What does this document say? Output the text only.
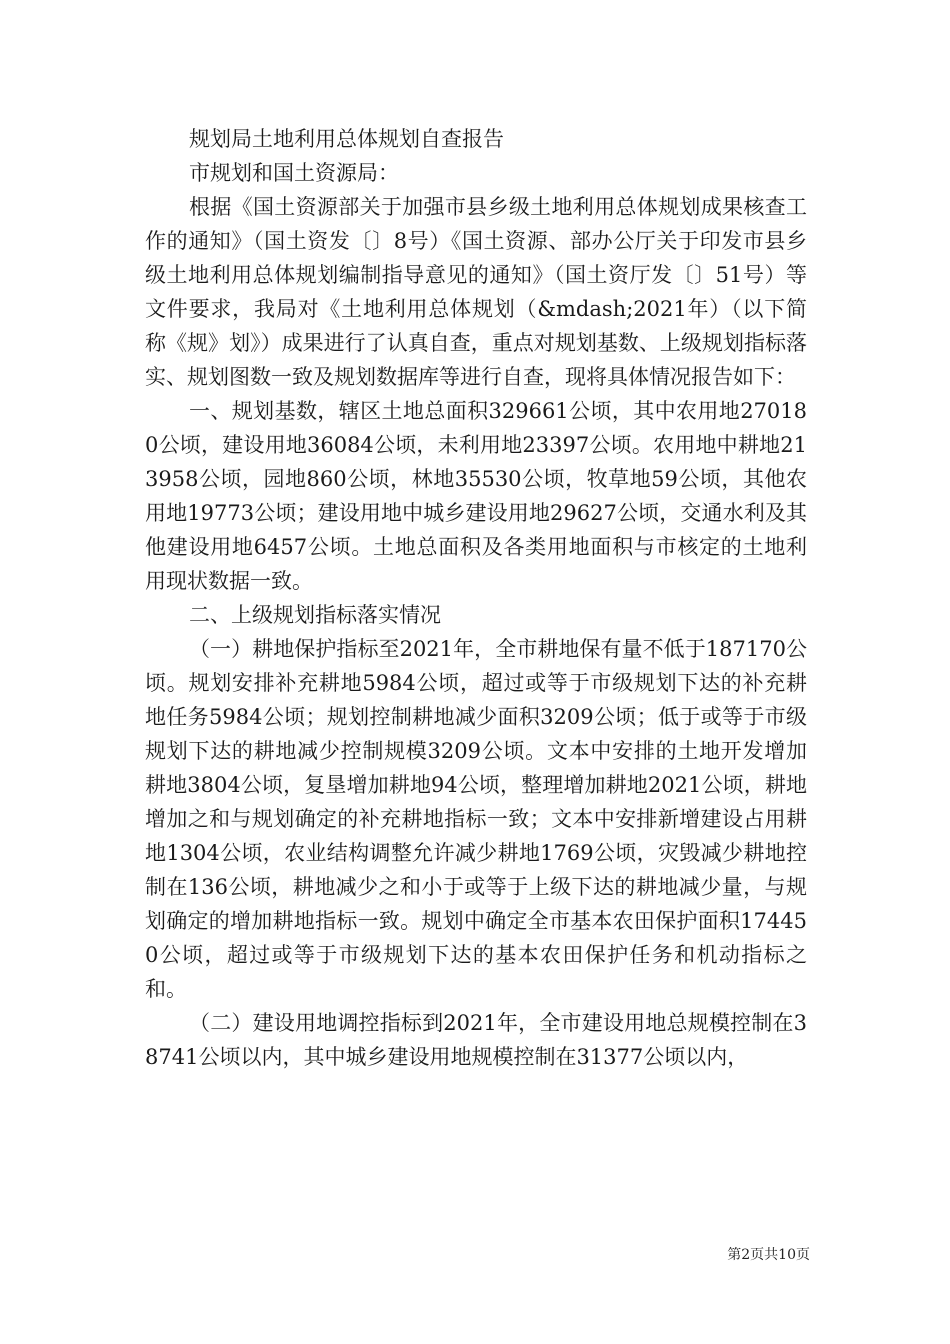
规划局土地利用总体规划自查报告

市规划和国土资源局：

根据《国土资源部关于加强市县乡级土地利用总体规划成果核查工作的通知》（国土资发〔〕8号）《国土资源、部办公厅关于印发市县乡级土地利用总体规划编制指导意见的通知》（国土资厅发〔〕51号）等文件要求，我局对《土地利用总体规划（&mdash;2021年）（以下简称《规》划》）成果进行了认真自查，重点对规划基数、上级规划指标落实、规划图数一致及规划数据库等进行自查，现将具体情况报告如下：

一、规划基数，辖区土地总面积329661公顷，其中农用地270180公顷，建设用地36084公顷，未利用地23397公顷。农用地中耕地213958公顷，园地860公顷，林地35530公顷，牧草地59公顷，其他农用地19773公顷；建设用地中城乡建设用地29627公顷，交通水利及其他建设用地6457公顷。土地总面积及各类用地面积与市核定的土地利用现状数据一致。

二、上级规划指标落实情况

（一）耕地保护指标至2021年，全市耕地保有量不低于187170公顷。规划安排补充耕地5984公顷，超过或等于市级规划下达的补充耕地任务5984公顷；规划控制耕地减少面积3209公顷；低于或等于市级规划下达的耕地减少控制规模3209公顷。文本中安排的土地开发增加耕地3804公顷，复垦增加耕地94公顷，整理增加耕地2021公顷，耕地增加之和与规划确定的补充耕地指标一致；文本中安排新增建设占用耕地1304公顷，农业结构调整允许减少耕地1769公顷，灾毁减少耕地控制在136公顷，耕地减少之和小于或等于上级下达的耕地减少量，与规划确定的增加耕地指标一致。规划中确定全市基本农田保护面积174450公顷，超过或等于市级规划下达的基本农田保护任务和机动指标之和。

（二）建设用地调控指标到2021年，全市建设用地总规模控制在38741公顷以内，其中城乡建设用地规模控制在31377公顷以内，

第2页共10页
